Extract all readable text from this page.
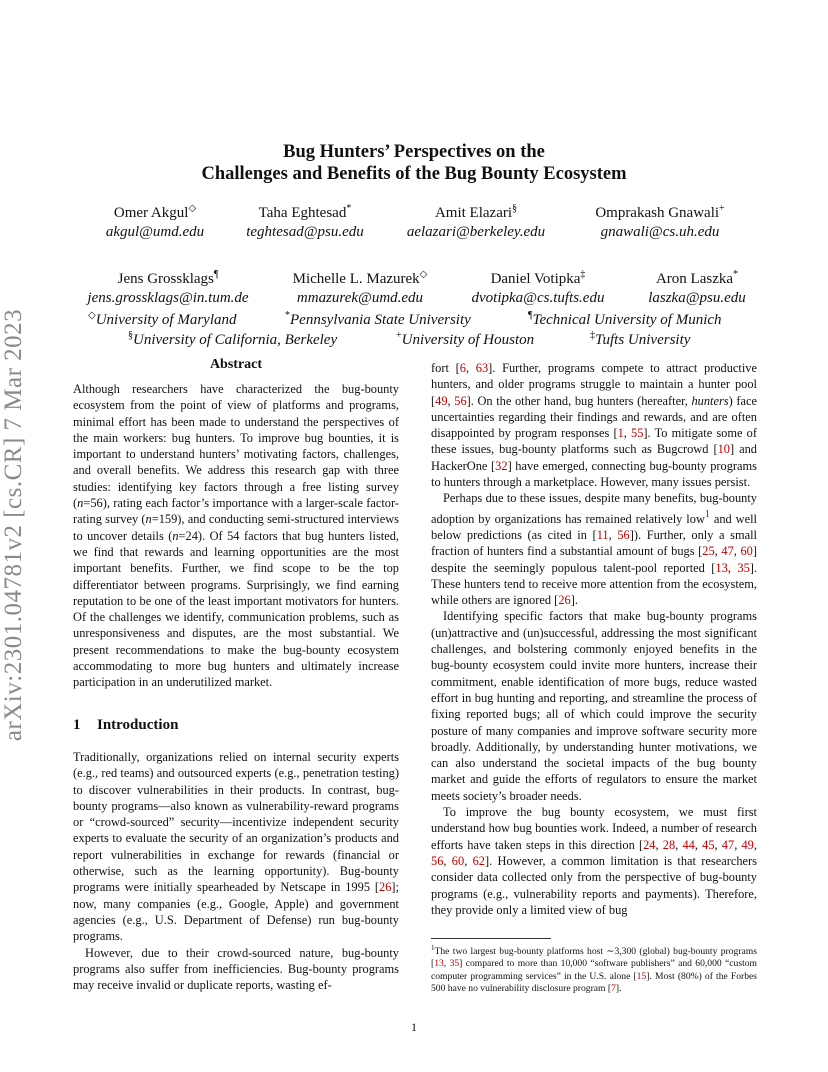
arXiv:2301.04781v2 [cs.CR] 7 Mar 2023
Bug Hunters’ Perspectives on the
Challenges and Benefits of the Bug Bounty Ecosystem
Omer Akgul◇
akgul@umd.edu
Taha Eghtesad*
teghtesad@psu.edu
Amit Elazari§
aelazari@berkeley.edu
Omprakash Gnawali+
gnawali@cs.uh.edu
Jens Grossklags¶
jens.grossklags@in.tum.de
Michelle L. Mazurek◇
mmazurek@umd.edu
Daniel Votipka‡
dvotipka@cs.tufts.edu
Aron Laszka*
laszka@psu.edu
◇University of Maryland	*Pennsylvania State University	¶Technical University of Munich
§University of California, Berkeley	+University of Houston	‡Tufts University
Abstract

Although researchers have characterized the bug-bounty ecosystem from the point of view of platforms and programs, minimal effort has been made to understand the perspectives of the main workers: bug hunters. To improve bug bounties, it is important to understand hunters’ motivating factors, challenges, and overall benefits. We address this research gap with three studies: identifying key factors through a free listing survey (n=56), rating each factor’s importance with a larger-scale factor-rating survey (n=159), and conducting semi-structured interviews to uncover details (n=24). Of 54 factors that bug hunters listed, we find that rewards and learning opportunities are the most important benefits. Further, we find scope to be the top differentiator between programs. Surprisingly, we find earning reputation to be one of the least important motivators for hunters. Of the challenges we identify, communication problems, such as unresponsiveness and disputes, are the most substantial. We present recommendations to make the bug-bounty ecosystem accommodating to more bug hunters and ultimately increase participation in an underutilized market.

1 Introduction

Traditionally, organizations relied on internal security experts (e.g., red teams) and outsourced experts (e.g., penetration testing) to discover vulnerabilities in their products. In contrast, bug-bounty programs—also known as vulnerability-reward programs or “crowd-sourced” security—incentivize independent security experts to evaluate the security of an organization’s products and report vulnerabilities in exchange for rewards (financial or otherwise, such as the learning opportunity). Bug-bounty programs were initially spearheaded by Netscape in 1995 [26]; now, many companies (e.g., Google, Apple) and government agencies (e.g., U.S. Department of Defense) run bug-bounty programs.

However, due to their crowd-sourced nature, bug-bounty programs also suffer from inefficiencies. Bug-bounty programs may receive invalid or duplicate reports, wasting ef-

fort [6, 63]. Further, programs compete to attract productive hunters, and older programs struggle to maintain a hunter pool [49, 56]. On the other hand, bug hunters (hereafter, hunters) face uncertainties regarding their findings and rewards, and are often disappointed by program responses [1, 55]. To mitigate some of these issues, bug-bounty platforms such as Bugcrowd [10] and HackerOne [32] have emerged, connecting bug-bounty programs to hunters through a marketplace. However, many issues persist.

Perhaps due to these issues, despite many benefits, bug-bounty adoption by organizations has remained relatively low$^1$ and well below predictions (as cited in [11, 56]). Further, only a small fraction of hunters find a substantial amount of bugs [25, 47, 60] despite the seemingly populous talent-pool reported [13, 35]. These hunters tend to receive more attention from the ecosystem, while others are ignored [26].

Identifying specific factors that make bug-bounty programs (un)attractive and (un)successful, addressing the most significant challenges, and bolstering commonly enjoyed benefits in the bug-bounty ecosystem could invite more hunters, increase their commitment, enable identification of more bugs, reduce wasted effort in bug hunting and reporting, and streamline the process of fixing reported bugs; all of which could improve the security posture of many companies and improve software security more broadly. Additionally, by understanding hunter motivations, we can also understand the societal impacts of the bug bounty market and guide the efforts of regulators to ensure the market meets society’s broader needs.

To improve the bug bounty ecosystem, we must first understand how bug bounties work. Indeed, a number of research efforts have taken steps in this direction [24, 28, 44, 45, 47, 49, 56, 60, 62]. However, a common limitation is that researchers consider data collected only from the perspective of bug-bounty programs (e.g., vulnerability reports and payments). Therefore, they provide only a limited view of bug

$^1$The two largest bug-bounty platforms host ∼3,300 (global) bug-bounty programs [13, 35] compared to more than 10,000 “software publishers” and 60,000 “custom computer programming services” in the U.S. alone [15]. Most (80%) of the Forbes 500 have no vulnerability disclosure program [7].
1
